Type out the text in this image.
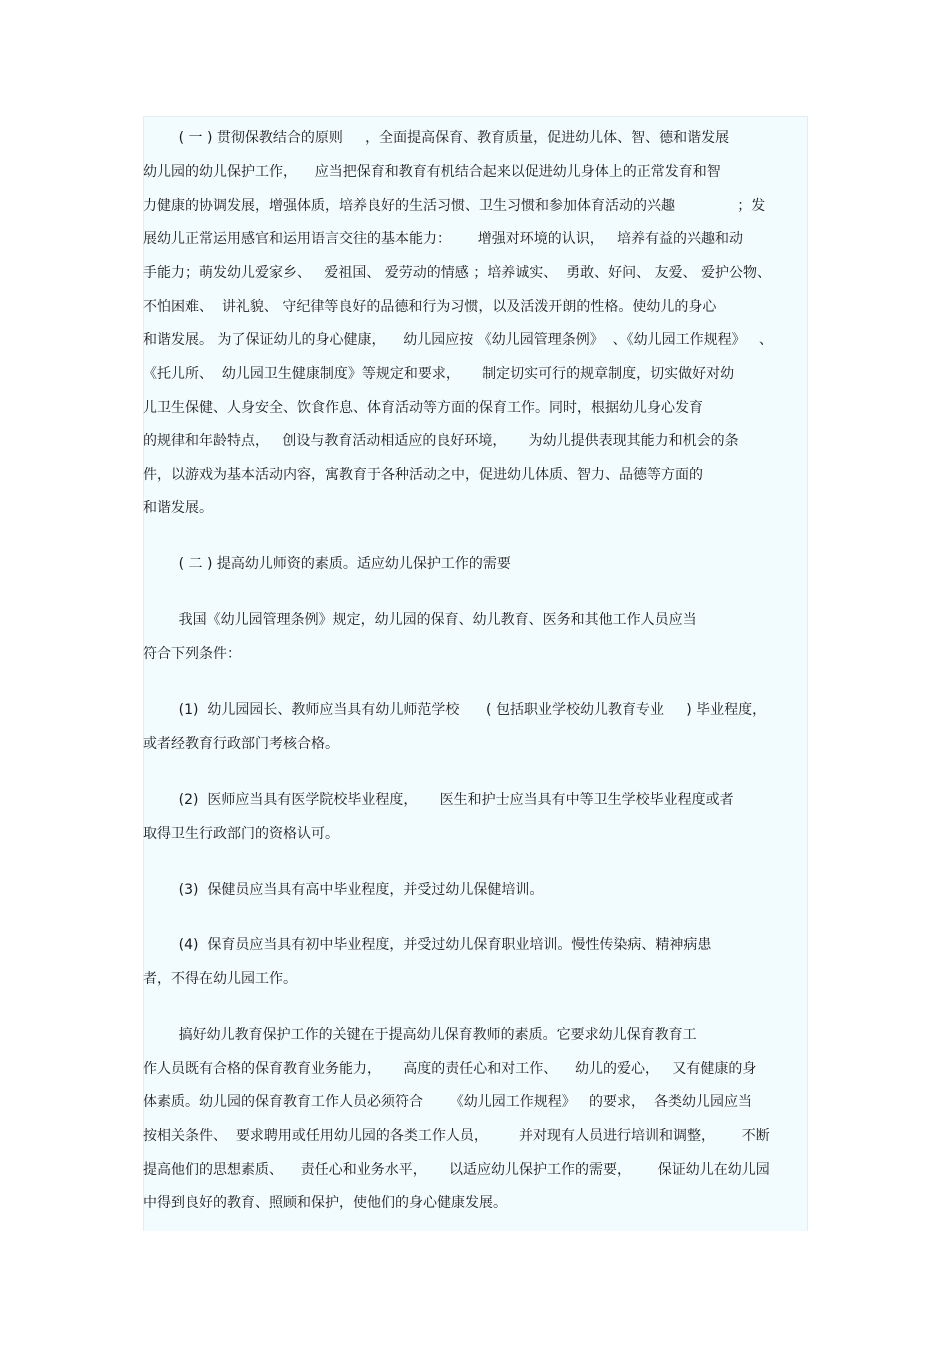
( 一 ) 贯彻保教结合的原则     ，全面提高保育、教育质量，促进幼儿体、智、德和谐发展
幼儿园的幼儿保护工作，    应当把保育和教育有机结合起来以促进幼儿身体上的正常发育和智
力健康的协调发展，增强体质，培养良好的生活习惯、卫生习惯和参加体育活动的兴趣              ；发
展幼儿正常运用感官和运用语言交往的基本能力：      增强对环境的认识，   培养有益的兴趣和动
手能力；萌发幼儿爱家乡、   爱祖国、 爱劳动的情感 ；培养诚实、  勇敢、好问、 友爱、 爱护公物、
不怕困难、  讲礼貌、 守纪律等良好的品德和行为习惯，以及活泼开朗的性格。使幼儿的身心
和谐发展。 为了保证幼儿的身心健康，    幼儿园应按 《幼儿园管理条例》  、《幼儿园工作规程》   、
《托儿所、  幼儿园卫生健康制度》等规定和要求，     制定切实可行的规章制度，切实做好对幼
儿卫生保健、人身安全、饮食作息、体育活动等方面的保育工作。同时，根据幼儿身心发育
的规律和年龄特点，   创设与教育活动相适应的良好环境，     为幼儿提供表现其能力和机会的条
件，以游戏为基本活动内容，寓教育于各种活动之中，促进幼儿体质、智力、品德等方面的
和谐发展。
( 二 ) 提高幼儿师资的素质。适应幼儿保护工作的需要
我国《幼儿园管理条例》规定，幼儿园的保育、幼儿教育、医务和其他工作人员应当
符合下列条件：
(1)  幼儿园园长、教师应当具有幼儿师范学校      ( 包括职业学校幼儿教育专业     ) 毕业程度，
或者经教育行政部门考核合格。
(2)  医师应当具有医学院校毕业程度，     医生和护士应当具有中等卫生学校毕业程度或者
取得卫生行政部门的资格认可。
(3)  保健员应当具有高中毕业程度，并受过幼儿保健培训。
(4)  保育员应当具有初中毕业程度，并受过幼儿保育职业培训。慢性传染病、精神病患
者，不得在幼儿园工作。
搞好幼儿教育保护工作的关键在于提高幼儿保育教师的素质。它要求幼儿保育教育工
作人员既有合格的保育教育业务能力，     高度的责任心和对工作、    幼儿的爱心，   又有健康的身
体素质。幼儿园的保育教育工作人员必须符合      《幼儿园工作规程》   的要求，  各类幼儿园应当
按相关条件、  要求聘用或任用幼儿园的各类工作人员，       并对现有人员进行培训和调整，      不断
提高他们的思想素质、    责任心和业务水平，     以适应幼儿保护工作的需要，      保证幼儿在幼儿园
中得到良好的教育、照顾和保护，使他们的身心健康发展。
